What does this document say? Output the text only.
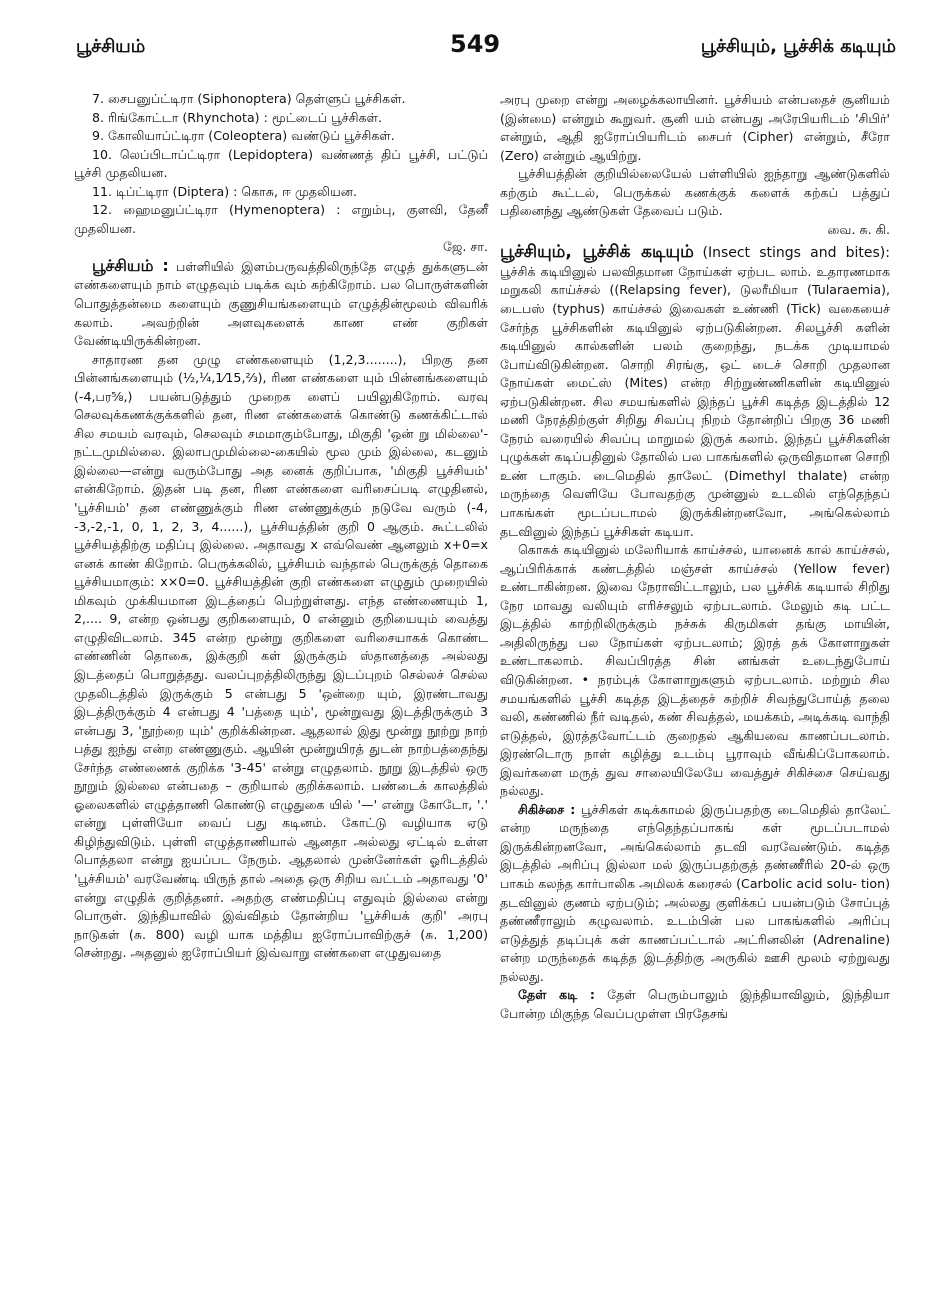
பூச்சியம்	549	பூச்சியும், பூச்சிக் கடியும்

7. சைபனுப்ட்டிரா (Siphonoptera) தெள்ளுப் பூச்சிகள்.

8. ரிங்கோட்டா (Rhynchota) : மூட்டைப் பூச்சிகள்.

9. கோலியாப்ட்டிரா (Coleoptera) வண்டுப் பூச்சிகள்.

10. லெப்பிடாப்ட்டிரா (Lepidoptera) வண்ணத் திப் பூச்சி, பட்டுப் பூச்சி முதலியன.

11. டிப்ட்டிரா (Diptera) : கொசு, ஈ முதலியன.

12. ஹைமனுப்ட்டிரா (Hymenoptera) : எறும்பு, குளவி, தேனீ முதலியன.

ஜே. சா.

பூச்சியம் : பள்ளியில் இளம்பருவத்திலிருந்தே எழுத் துக்களுடன் எண்களையும் நாம் எழுதவும் படிக்க வும் கற்கிறோம். பல பொருள்களின் பொதுத்தன்மை களையும் குணுசியங்களையும் எழுத்தின்மூலம் விவரிக் கலாம். அவற்றின் அளவுகளைக் காண எண் குறிகள் வேண்டியிருக்கின்றன.

சாதாரண தன முழு எண்களையும் (1,2,3........), பிறகு தன பின்னங்களையும் (½,¼,1⁄15,⅔), ரிண எண்களை யும் பின்னங்களையும் (-4,பர⅝,) பயன்படுத்தும் முறைக ளைப் பயிலுகிறோம். வரவு செலவுக்கணக்குக்களில் தன, ரிண எண்களைக் கொண்டு கணக்கிட்டால் சில சமயம் வரவும், செலவும் சமமாகும்போது, மிகுதி 'ஒன் று மில்லை'-நட்டமுமில்லை. இலாபமுமில்லை-கையில் மூல மும் இல்லை, கடனும் இல்லை—என்று வரும்போது அத னைக் குறிப்பாக, 'மிகுதி பூச்சியம்' என்கிறோம். இதன் படி தன, ரிண எண்களை வரிசைப்படி எழுதினல், 'பூச்சியம்' தன எண்ணுக்கும் ரிண எண்ணுக்கும் நடுவே வரும் (-4, -3,-2,-1, 0, 1, 2, 3, 4......), பூச்சியத்தின் குறி 0 ஆகும். கூட்டலில் பூச்சியத்திற்கு மதிப்பு இல்லை. அதாவது x எவ்வெண் ஆனலும் x+0=x எனக் காண் கிறோம். பெருக்கலில், பூச்சியம் வந்தால் பெருக்குத் தொகை பூச்சியமாகும்: x×0=0. பூச்சியத்தின் குறி எண்களை எழுதும் முறையில் மிகவும் முக்கியமான இடத்தைப் பெற்றுள்ளது. எந்த எண்ணையும் 1, 2,.... 9, என்ற ஒன்பது குறிகளையும், 0 என்னும் குறியையும் வைத்து எழுதிவிடலாம். 345 என்ற மூன்று குறிகளை வரிசையாகக் கொண்ட எண்ணின் தொகை, இக்குறி கள் இருக்கும் ஸ்தானத்தை அல்லது இடத்தைப் பொறுத்தது. வலப்புறத்திலிருந்து இடப்புறம் செல்லச் செல்ல முதலிடத்தில் இருக்கும் 5 என்பது 5 'ஒன்றை யும், இரண்டாவது இடத்திருக்கும் 4 என்பது 4 'பத்தை யும்', மூன்றுவது இடத்திருக்கும் 3 என்பது 3, 'நூற்றை யும்' குறிக்கின்றன. ஆதலால் இது மூன்று நூற்று நாற் பத்து ஐந்து என்ற எண்ணுகும். ஆயின் மூன்றுயிரத் துடன் நாற்பத்தைந்து சேர்ந்த எண்ணைக் குறிக்க '3-45' என்று எழுதலாம். நூறு இடத்தில் ஒரு நூறும் இல்லை என்பதை – குறியால் குறிக்கலாம். பண்டைக் காலத்தில் ஓலைகளில் எழுத்தாணி கொண்டு எழுதுகை யில் '—' என்று கோடோ, '.' என்று புள்ளியோ வைப் பது கடினம். கோட்டு வழியாக ஏடு கிழிந்துவிடும். புள்ளி எழுத்தாணியால் ஆனதா அல்லது ஏட்டில் உள்ள பொத்தலா என்று ஐயப்பட நேரும். ஆதலால் முன்னேர்கள் ஓரிடத்தில் 'பூச்சியம்' வரவேண்டி யிருந் தால் அதை ஒரு சிறிய வட்டம் அதாவது '0' என்று எழுதிக் குறித்தனர். அதற்கு எண்மதிப்பு எதுவும் இல்லை என்று பொருள். இந்தியாவில் இவ்விதம் தோன்றிய 'பூச்சியக் குறி' அரபு நாடுகள் (சு. 800) வழி யாக மத்திய ஐரோப்பாவிற்குச் (சு. 1,200) சென்றது. அதனுல் ஐரோப்பியர் இவ்வாறு எண்களை எழுதுவதை

அரபு முறை என்று அழைக்கலாயினர். பூச்சியம் என்பதைச் சூனியம் (இன்மை) என்றும் கூறுவர். சூனி யம் என்பது அரேபியரிடம் 'சிபிர்' என்றும், ஆதி ஐரோப்பியரிடம் சைபர் (Cipher) என்றும், சீரோ (Zero) என்றும் ஆயிற்று.

பூச்சியத்தின் குறியில்லையேல் பள்ளியில் ஐந்தாறு ஆண்டுகளில் கற்கும் கூட்டல், பெருக்கல் கணக்குக் களைக் கற்கப் பத்துப் பதினைந்து ஆண்டுகள் தேவைப் படும்.

வை. சு. கி.

பூச்சியும், பூச்சிக் கடியும் (Insect stings and bites): பூச்சிக் கடியினுல் பலவிதமான நோய்கள் ஏற்பட லாம். உதாரணமாக மறுகலி காய்ச்சல் ((Relapsing fever), டுலரீமியா (Tularaemia), டைபஸ் (typhus) காய்ச்சல் இவைகள் உண்ணி (Tick) வகையைச் சேர்ந்த பூச்சிகளின் கடியினுல் ஏற்படுகின்றன. சிலபூச்சி களின் கடியினுல் கால்களின் பலம் குறைந்து, நடக்க முடியாமல் போய்விடுகின்றன. சொறி சிரங்கு, ஒட் டைச் சொறி முதலான நோய்கள் மைட்ஸ் (Mites) என்ற சிற்றுண்ணிகளின் கடியினுல் ஏற்படுகின்றன. சில சமயங்களில் இந்தப் பூச்சி கடித்த இடத்தில் 12 மணி நேரத்திற்குள் சிறிது சிவப்பு நிறம் தோன்றிப் பிறகு 36 மணி நேரம் வரையில் சிவப்பு மாறுமல் இருக் கலாம். இந்தப் பூச்சிகளின் புழுக்கள் கடிப்பதினுல் தோலில் பல பாகங்களில் ஒருவிதமான சொறி உண் டாகும். டைமெதில் தாலேட் (Dimethyl thalate) என்ற மருந்தை வெளியே போவதற்கு முன்னுல் உடலில் எந்தெந்தப் பாகங்கள் மூடப்படாமல் இருக்கின்றனவோ, அங்கெல்லாம் தடவினுல் இந்தப் பூச்சிகள் கடியா.

கொசுக் கடியினுல் மலேரியாக் காய்ச்சல், யானைக் கால் காய்ச்சல், ஆப்பிரிக்காக் கண்டத்தில் மஞ்சள் காய்ச்சல் (Yellow fever) உண்டாகின்றன. இவை நேராவிட்டாலும், பல பூச்சிக் கடியால் சிறிது நேர மாவது வலியும் எரிச்சலும் ஏற்படலாம். மேலும் கடி பட்ட இடத்தில் காற்றிலிருக்கும் நச்சுக் கிருமிகள் தங்கு மாயின், அதிலிருந்து பல நோய்கள் ஏற்படலாம்; இரத் தக் கோளாறுகள் உண்டாகலாம். சிவப்பிரத்த சின் னங்கள் உடைந்துபோய் விடுகின்றன. • நரம்புக் கோளாறுகளும் ஏற்படலாம். மற்றும் சில சமயங்களில் பூச்சி கடித்த இடத்தைச் சுற்றிச் சிவந்துபோய்த் தலை வலி, கண்ணில் நீர் வடிதல், கண் சிவத்தல், மயக்கம், அடிக்கடி வாந்தி எடுத்தல், இரத்தவோட்டம் குறைதல் ஆகியவை காணப்படலாம். இரண்டொரு நாள் கழித்து உடம்பு பூராவும் வீங்கிப்போகலாம். இவர்களை மருத் துவ சாலையிலேயே வைத்துச் சிகிச்சை செய்வது நல்லது.

சிகிச்சை : பூச்சிகள் கடிக்காமல் இருப்பதற்கு டைமெதில் தாலேட் என்ற மருந்தை எந்தெந்தப்பாகங் கள் மூடப்படாமல் இருக்கின்றனவோ, அங்கெல்லாம் தடவி வரவேண்டும். கடித்த இடத்தில் அரிப்பு இல்லா மல் இருப்பதற்குத் தண்ணீரில் 20-ல் ஒரு பாகம் கலந்த கார்பாலிக அமிலக் கரைசல் (Carbolic acid solu- tion) தடவினுல் குணம் ஏற்படும்; அல்லது குளிக்கப் பயன்படும் சோப்புத் தண்ணீராலும் கழுவலாம். உடம்பின் பல பாகங்களில் அரிப்பு எடுத்துத் தடிப்புக் கள் காணப்பட்டால் அட்ரினலின் (Adrenaline) என்ற மருந்தைக் கடித்த இடத்திற்கு அருகில் ஊசி மூலம் ஏற்றுவது நல்லது.

தேள் கடி : தேள் பெரும்பாலும் இந்தியாவிலும், இந்தியா போன்ற மிகுந்த வெப்பமுள்ள பிரதேசங்
